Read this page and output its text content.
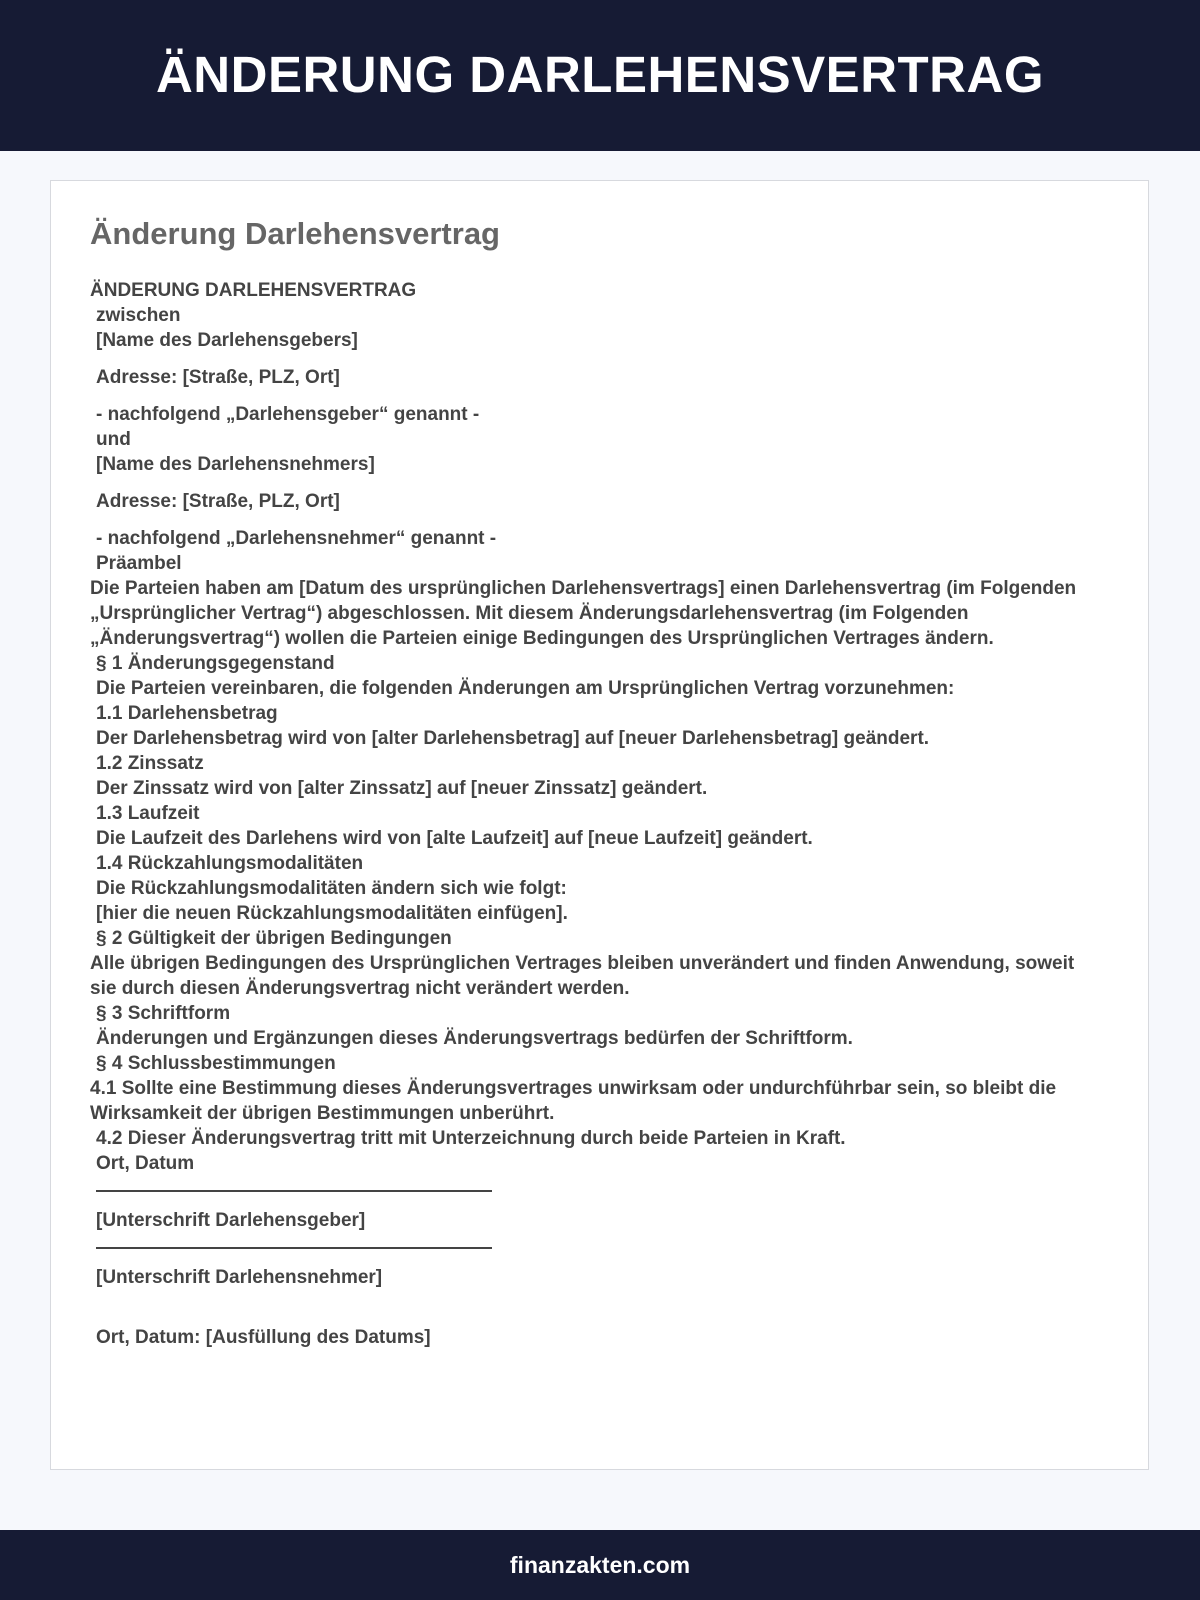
ÄNDERUNG DARLEHENSVERTRAG
Änderung Darlehensvertrag
ÄNDERUNG DARLEHENSVERTRAG
zwischen
[Name des Darlehensgebers]
Adresse: [Straße, PLZ, Ort]
- nachfolgend „Darlehensgeber“ genannt -
und
[Name des Darlehensnehmers]
Adresse: [Straße, PLZ, Ort]
- nachfolgend „Darlehensnehmer“ genannt -
Präambel
Die Parteien haben am [Datum des ursprünglichen Darlehensvertrags] einen Darlehensvertrag (im Folgenden „Ursprünglicher Vertrag“) abgeschlossen. Mit diesem Änderungsdarlehensvertrag (im Folgenden „Änderungsvertrag“) wollen die Parteien einige Bedingungen des Ursprünglichen Vertrages ändern.
§ 1 Änderungsgegenstand
Die Parteien vereinbaren, die folgenden Änderungen am Ursprünglichen Vertrag vorzunehmen:
1.1 Darlehensbetrag
Der Darlehensbetrag wird von [alter Darlehensbetrag] auf [neuer Darlehensbetrag] geändert.
1.2 Zinssatz
Der Zinssatz wird von [alter Zinssatz] auf [neuer Zinssatz] geändert.
1.3 Laufzeit
Die Laufzeit des Darlehens wird von [alte Laufzeit] auf [neue Laufzeit] geändert.
1.4 Rückzahlungsmodalitäten
Die Rückzahlungsmodalitäten ändern sich wie folgt:
[hier die neuen Rückzahlungsmodalitäten einfügen].
§ 2 Gültigkeit der übrigen Bedingungen
Alle übrigen Bedingungen des Ursprünglichen Vertrages bleiben unverändert und finden Anwendung, soweit sie durch diesen Änderungsvertrag nicht verändert werden.
§ 3 Schriftform
Änderungen und Ergänzungen dieses Änderungsvertrags bedürfen der Schriftform.
§ 4 Schlussbestimmungen
4.1 Sollte eine Bestimmung dieses Änderungsvertrages unwirksam oder undurchführbar sein, so bleibt die Wirksamkeit der übrigen Bestimmungen unberührt.
4.2 Dieser Änderungsvertrag tritt mit Unterzeichnung durch beide Parteien in Kraft.
Ort, Datum
[Unterschrift Darlehensgeber]
[Unterschrift Darlehensnehmer]
Ort, Datum: [Ausfüllung des Datums]
finanzakten.com
